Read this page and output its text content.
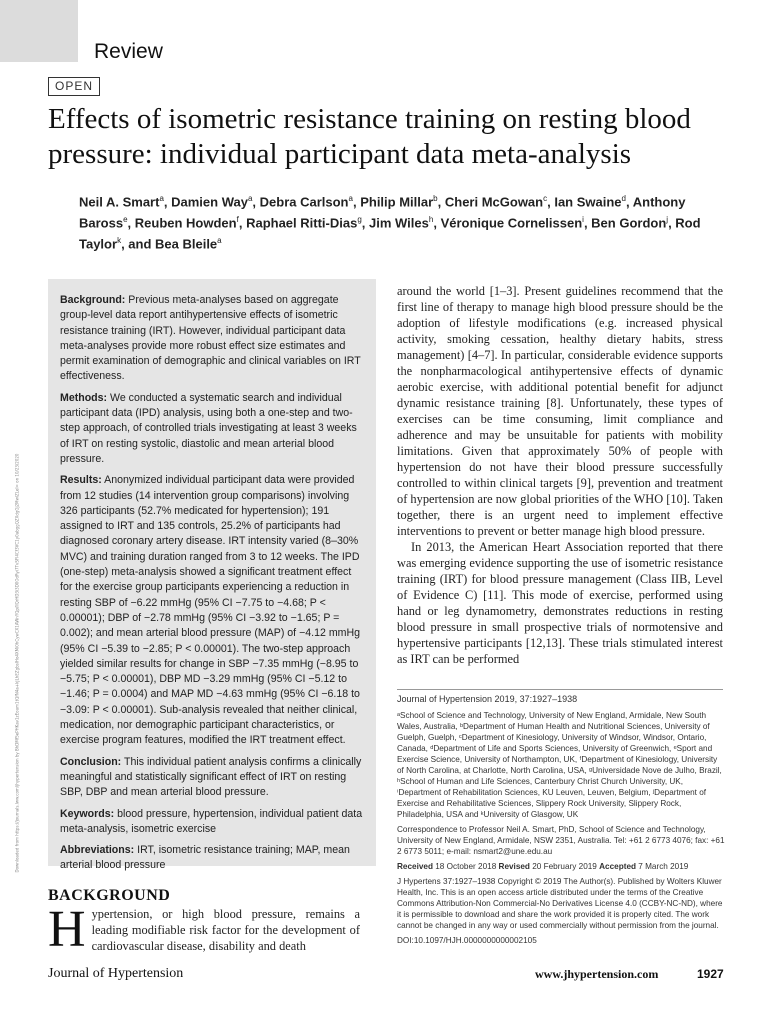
Review
OPEN
Effects of isometric resistance training on resting blood pressure: individual participant data meta-analysis
Neil A. Smart$^a$, Damien Way$^a$, Debra Carlson$^a$, Philip Millar$^b$, Cheri McGowan$^c$, Ian Swaine$^d$, Anthony Baross$^e$, Reuben Howden$^f$, Raphael Ritti-Dias$^g$, Jim Wiles$^h$, Véronique Cornelissen$^i$, Ben Gordon$^j$, Rod Taylor$^k$, and Bea Bleile$^a$
Downloaded from https://journals.lww.com/jhypertension by BhDMf5ePHKav1zEoum1tQfN4a+kJLhEZgbsIHo4XMi0hCywCX1AWnYQp/IlQrHD3i3D0OdRyi7TvSFl4Cf3VC1y0abggQZXdgGj2MwlZLeI= on 10/23/2020

Background: Previous meta-analyses based on aggregate group-level data report antihypertensive effects of isometric resistance training (IRT). However, individual participant data meta-analyses provide more robust effect size estimates and permit examination of demographic and clinical variables on IRT effectiveness.

Methods: We conducted a systematic search and individual participant data (IPD) analysis, using both a one-step and two-step approach, of controlled trials investigating at least 3 weeks of IRT on resting systolic, diastolic and mean arterial blood pressure.

Results: Anonymized individual participant data were provided from 12 studies (14 intervention group comparisons) involving 326 participants (52.7% medicated for hypertension); 191 assigned to IRT and 135 controls, 25.2% of participants had diagnosed coronary artery disease. IRT intensity varied (8–30% MVC) and training duration ranged from 3 to 12 weeks. The IPD (one-step) meta-analysis showed a significant treatment effect for the exercise group participants experiencing a reduction in resting SBP of −6.22 mmHg (95% CI −7.75 to −4.68; P < 0.00001); DBP of −2.78 mmHg (95% CI −3.92 to −1.65; P = 0.002); and mean arterial blood pressure (MAP) of −4.12 mmHg (95% CI −5.39 to −2.85; P < 0.00001). The two-step approach yielded similar results for change in SBP −7.35 mmHg (−8.95 to −5.75; P < 0.00001), DBP MD −3.29 mmHg (95% CI −5.12 to −1.46; P = 0.0004) and MAP MD −4.63 mmHg (95% CI −6.18 to −3.09: P < 0.00001). Sub-analysis revealed that neither clinical, medication, nor demographic participant characteristics, or exercise program features, modified the IRT treatment effect.

Conclusion: This individual patient analysis confirms a clinically meaningful and statistically significant effect of IRT on resting SBP, DBP and mean arterial blood pressure.

Keywords: blood pressure, hypertension, individual patient data meta-analysis, isometric exercise

Abbreviations: IRT, isometric resistance training; MAP, mean arterial blood pressure

BACKGROUND
Hypertension, or high blood pressure, remains a leading modifiable risk factor for the development of cardiovascular disease, disability and death

around the world [1–3]. Present guidelines recommend that the first line of therapy to manage high blood pressure should be the adoption of lifestyle modifications (e.g. increased physical activity, smoking cessation, healthy dietary habits, stress management) [4–7]. In particular, considerable evidence supports the nonpharmacological antihypertensive effects of dynamic aerobic exercise, with additional potential benefit for adjunct dynamic resistance training [8]. Unfortunately, these types of exercises can be time consuming, limit compliance and adherence and may be unsuitable for patients with mobility limitations. Given that approximately 50% of people with hypertension do not have their blood pressure successfully controlled to within clinical targets [9], prevention and treatment of hypertension are now global priorities of the WHO [10]. Taken together, there is an urgent need to implement effective interventions to prevent or better manage high blood pressure.

In 2013, the American Heart Association reported that there was emerging evidence supporting the use of isometric resistance training (IRT) for blood pressure management (Class IIB, Level of Evidence C) [11]. This mode of exercise, performed using hand or leg dynamometry, demonstrates reductions in resting blood pressure in small prospective trials of normotensive and hypertensive participants [12,13]. These trials stimulated interest as IRT can be performed

Journal of Hypertension 2019, 37:1927–1938

ᵃSchool of Science and Technology, University of New England, Armidale, New South Wales, Australia, ᵇDepartment of Human Health and Nutritional Sciences, University of Guelph, Guelph, ᶜDepartment of Kinesiology, University of Windsor, Windsor, Ontario, Canada, ᵈDepartment of Life and Sports Sciences, University of Greenwich, ᵉSport and Exercise Science, University of Northampton, UK, ᶠDepartment of Kinesiology, University of North Carolina, at Charlotte, North Carolina, USA, ᵍUniversidade Nove de Julho, Brazil, ʰSchool of Human and Life Sciences, Canterbury Christ Church University, UK, ⁱDepartment of Rehabilitation Sciences, KU Leuven, Leuven, Belgium, ʲDepartment of Exercise and Rehabilitative Sciences, Slippery Rock University, Slippery Rock, Philadelphia, USA and ᵏUniversity of Glasgow, UK

Correspondence to Professor Neil A. Smart, PhD, School of Science and Technology, University of New England, Armidale, NSW 2351, Australia. Tel: +61 2 6773 4076; fax: +61 2 6773 5011; e-mail: nsmart2@une.edu.au

Received 18 October 2018 Revised 20 February 2019 Accepted 7 March 2019

J Hypertens 37:1927–1938 Copyright © 2019 The Author(s). Published by Wolters Kluwer Health, Inc. This is an open access article distributed under the terms of the Creative Commons Attribution-Non Commercial-No Derivatives License 4.0 (CCBY-NC-ND), where it is permissible to download and share the work provided it is properly cited. The work cannot be changed in any way or used commercially without permission from the journal.

DOI:10.1097/HJH.0000000000002105

Journal of Hypertension	www.jhypertension.com	1927
